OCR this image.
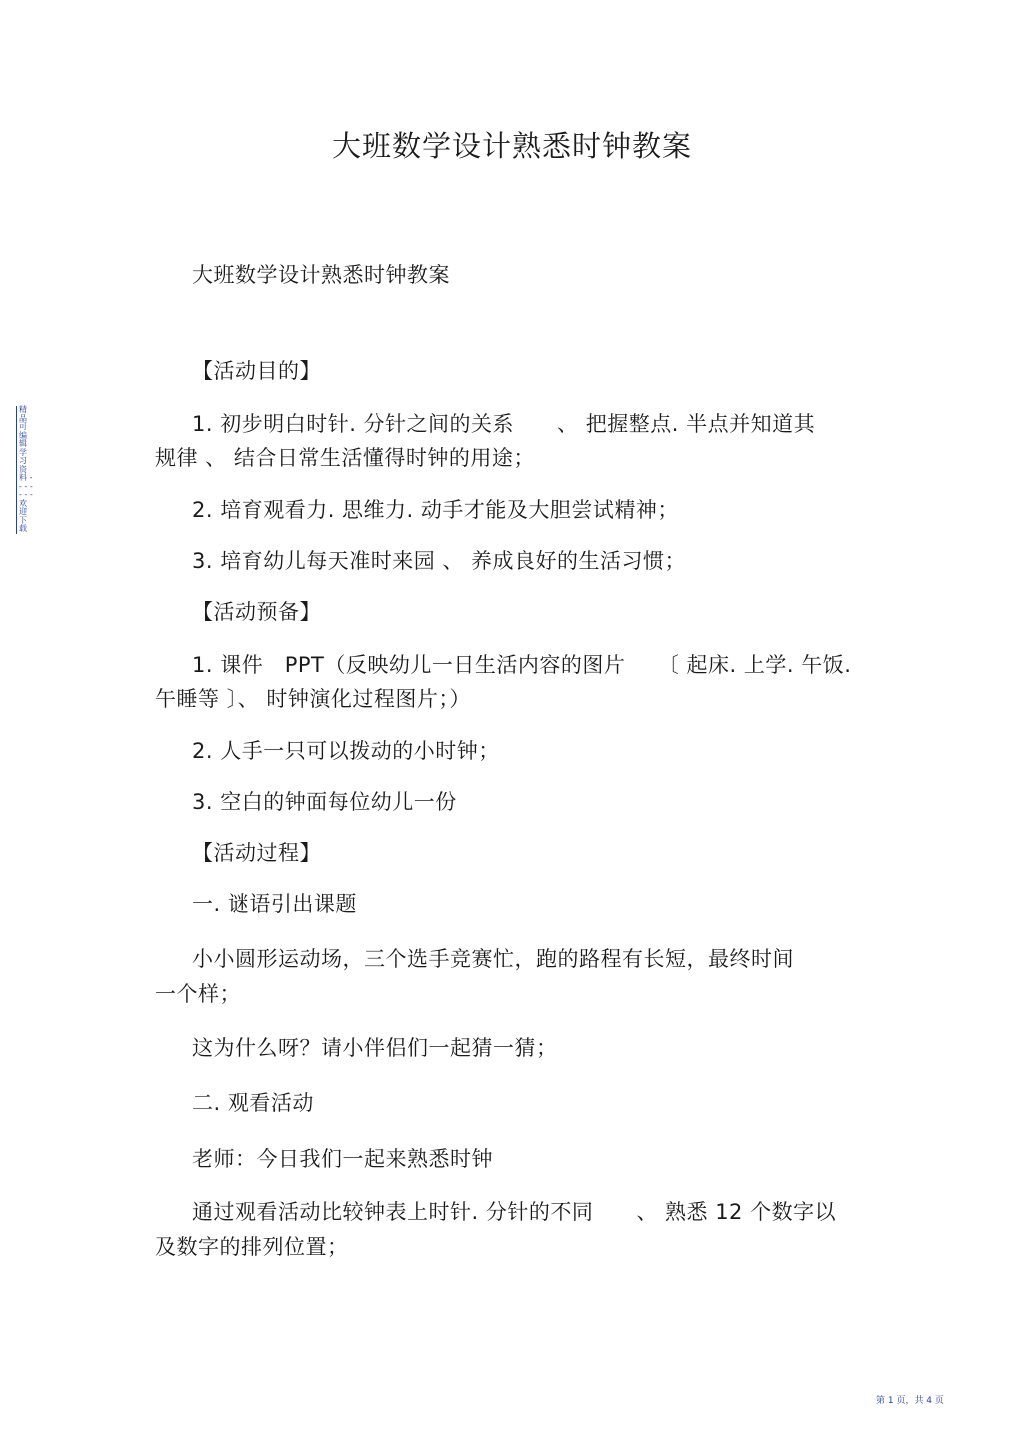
大班数学设计熟悉时钟教案
大班数学设计熟悉时钟教案
【活动目的】
1. 初步明白时针. 分针之间的关系　　、 把握整点. 半点并知道其
规律 、 结合日常生活懂得时钟的用途；
2. 培育观看力. 思维力. 动手才能及大胆尝试精神；
3. 培育幼儿每天准时来园 、 养成良好的生活习惯；
【活动预备】
1. 课件　PPT（反映幼儿一日生活内容的图片　　〔 起床. 上学. 午饭.
午睡等 〕、 时钟演化过程图片；）
2. 人手一只可以拨动的小时钟；
3. 空白的钟面每位幼儿一份
【活动过程】
一. 谜语引出课题
小小圆形运动场，三个选手竞赛忙，跑的路程有长短，最终时间
一个样；
这为什么呀？请小伴侣们一起猜一猜；
二. 观看活动
老师：今日我们一起来熟悉时钟
通过观看活动比较钟表上时针. 分针的不同　　、 熟悉 12 个数字以
及数字的排列位置；
精品可编辑学习资料 - - - - - - - 欢迎下载
第 1 页，共 4 页
